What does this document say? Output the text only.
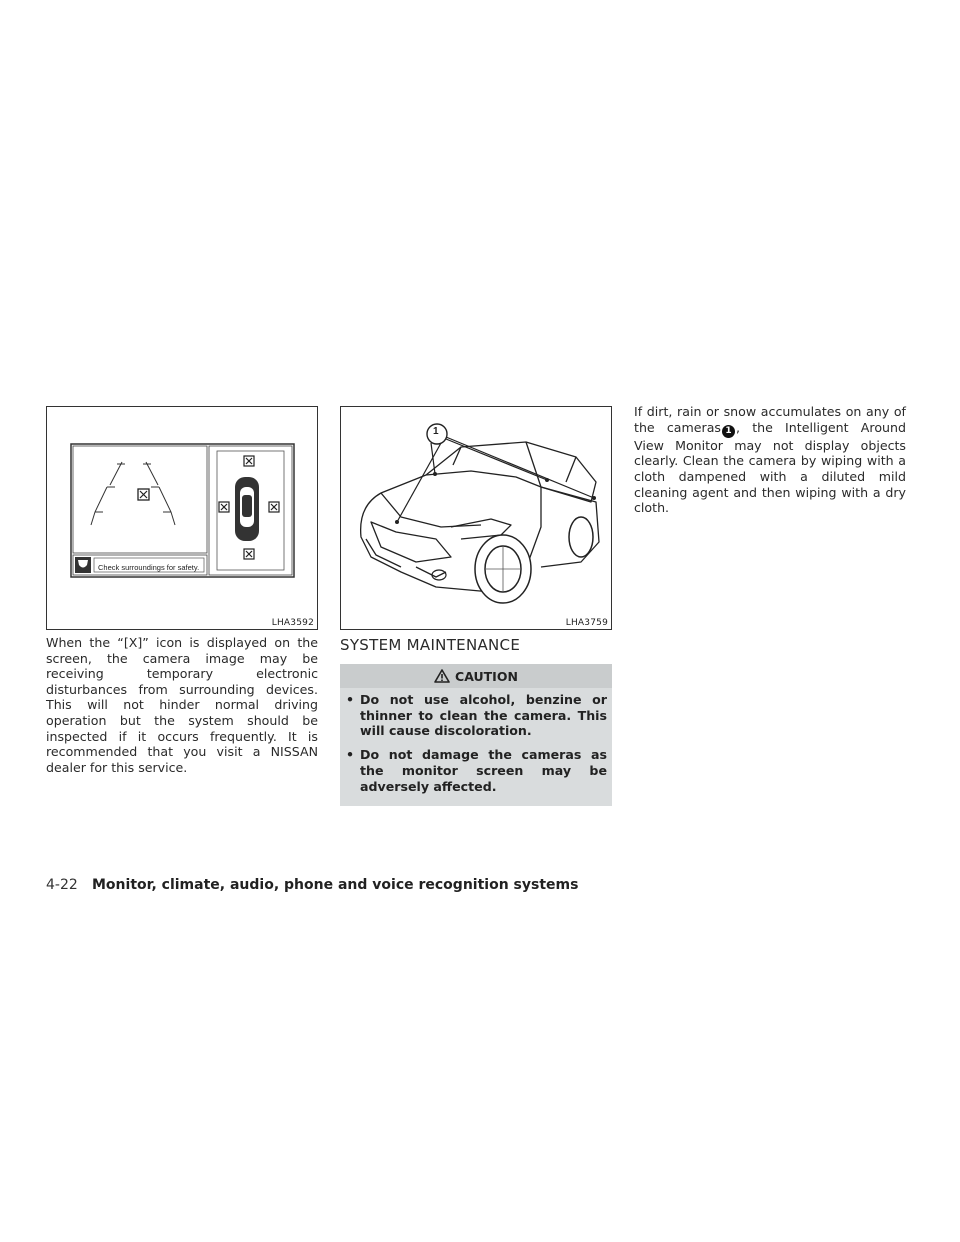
Check surroundings for safety.
LHA3592
1
LHA3759
When the “[X]” icon is displayed on the screen, the camera image may be receiving temporary electronic disturbances from surrounding devices. This will not hinder normal driving operation but the system should be inspected if it occurs frequently. It is recommended that you visit a NISSAN dealer for this service.
SYSTEM MAINTENANCE
CAUTION
• Do not use alcohol, benzine or thinner to clean the camera. This will cause discoloration.
• Do not damage the cameras as the monitor screen may be adversely affected.
If dirt, rain or snow accumulates on any of the cameras 1 , the Intelligent Around View Monitor may not display objects clearly. Clean the camera by wiping with a cloth dampened with a diluted mild cleaning agent and then wiping with a dry cloth.
4-22 Monitor, climate, audio, phone and voice recognition systems
